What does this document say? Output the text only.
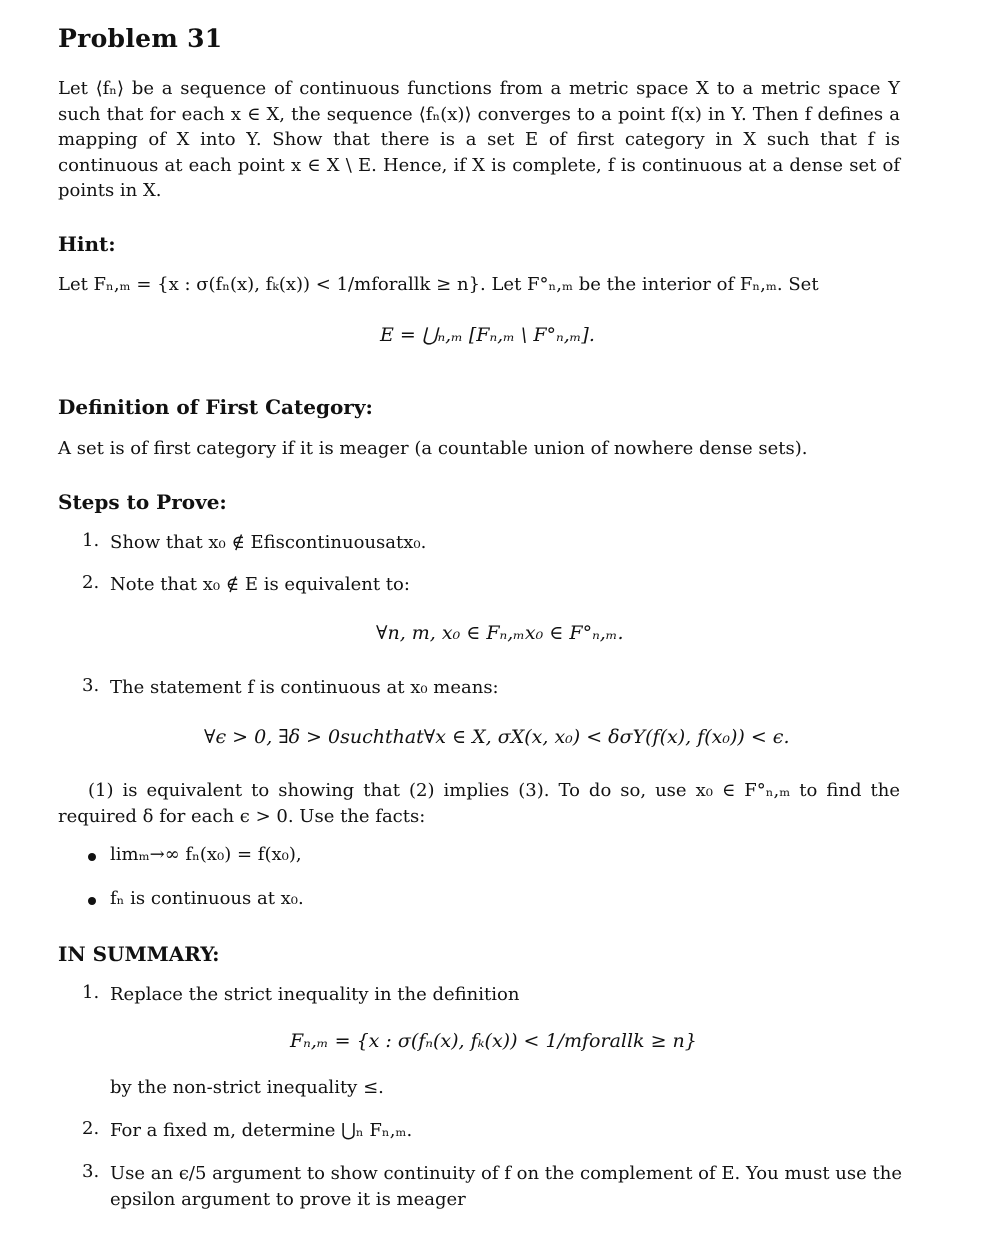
Problem 31
Let ⟨fₙ⟩ be a sequence of continuous functions from a metric space X to a metric space Y such that for each x ∈ X, the sequence ⟨fₙ(x)⟩ converges to a point f(x) in Y. Then f defines a mapping of X into Y. Show that there is a set E of first category in X such that f is continuous at each point x ∈ X \ E. Hence, if X is complete, f is continuous at a dense set of points in X.
Hint:
Let Fₙ,ₘ = {x : σ(fₙ(x), fₖ(x)) < 1/mforallk ≥ n}. Let F°ₙ,ₘ be the interior of Fₙ,ₘ. Set
E = ⋃ₙ,ₘ [Fₙ,ₘ \ F°ₙ,ₘ].
Definition of First Category:
A set is of first category if it is meager (a countable union of nowhere dense sets).
Steps to Prove:
1. Show that x₀ ∉ Efiscontinuousatx₀.
2. Note that x₀ ∉ E is equivalent to:
∀n, m, x₀ ∈ Fₙ,ₘx₀ ∈ F°ₙ,ₘ.
3. The statement f is continuous at x₀ means:
∀ϵ > 0, ∃δ > 0suchthat∀x ∈ X, σX(x, x₀) < δσY(f(x), f(x₀)) < ϵ.
(1) is equivalent to showing that (2) implies (3). To do so, use x₀ ∈ F°ₙ,ₘ to find the required δ for each ϵ > 0. Use the facts:
limₘ→∞ fₙ(x₀) = f(x₀),
fₙ is continuous at x₀.
IN SUMMARY:
1. Replace the strict inequality in the definition
Fₙ,ₘ = {x : σ(fₙ(x), fₖ(x)) < 1/mforallk ≥ n}
by the non-strict inequality ≤.
2. For a fixed m, determine ⋃ₙ Fₙ,ₘ.
3. Use an ϵ/5 argument to show continuity of f on the complement of E. You must use the epsilon argument to prove it is meager
